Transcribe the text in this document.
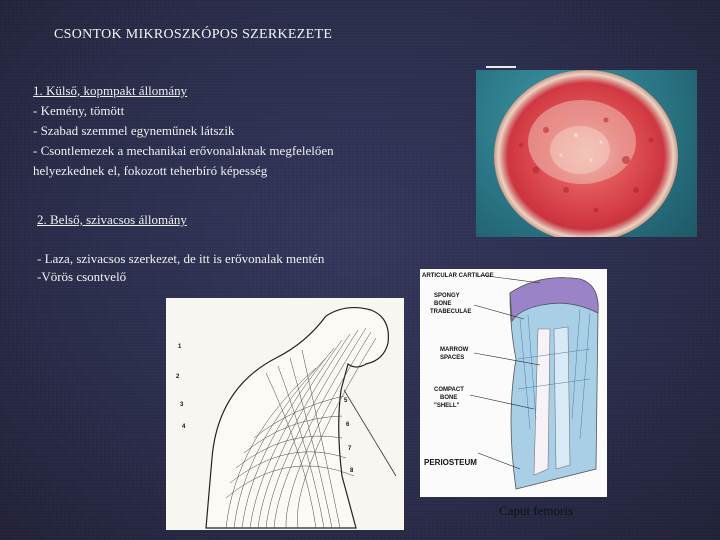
CSONTOK MIKROSZKÓPOS SZERKEZETE

1. Külső, kopmpakt állomány

- Kemény, tömött

- Szabad szemmel egyneműnek látszik

- Csontlemezek a mechanikai erővonalaknak megfelelően

helyezkednek el, fokozott teherbíró képesség

2. Belső, szivacsos állomány
- Laza, szivacsos szerkezet, de itt is erővonalak mentén
-Vörös csontvelő
1
2
3
4
5
6
7
8
ARTICULAR CARTILAGE
SPONGY
BONE
TRABECULAE
MARROW
SPACES
COMPACT
BONE
"SHELL"
PERIOSTEUM
Caput femoris
